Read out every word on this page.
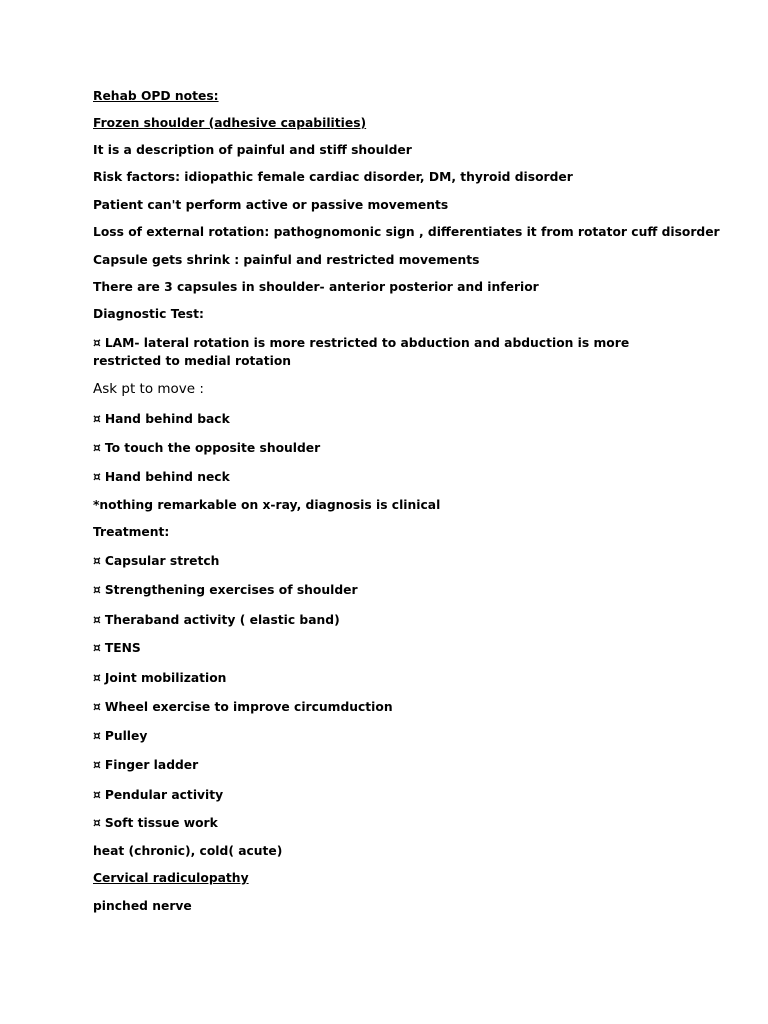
Rehab OPD notes:
Frozen shoulder (adhesive capabilities)
It is a description of painful and stiff shoulder
Risk factors: idiopathic female cardiac disorder, DM, thyroid disorder
Patient can't perform active or passive movements
Loss of external rotation: pathognomonic sign , differentiates it from rotator cuff disorder
Capsule gets shrink : painful and restricted movements
There are 3 capsules in shoulder- anterior posterior and inferior
Diagnostic Test:
¤ LAM- lateral rotation is more restricted to abduction and abduction is more restricted to medial rotation
Ask pt to move :
¤ Hand behind back
¤ To touch the opposite shoulder
¤ Hand behind neck
*nothing remarkable on x-ray, diagnosis is clinical
Treatment:
¤ Capsular stretch
¤ Strengthening exercises of shoulder
¤ Theraband activity ( elastic band)
¤ TENS
¤ Joint mobilization
¤ Wheel exercise to improve circumduction
¤ Pulley
¤ Finger ladder
¤ Pendular activity
¤ Soft tissue work
heat (chronic), cold( acute)
Cervical radiculopathy
pinched nerve
